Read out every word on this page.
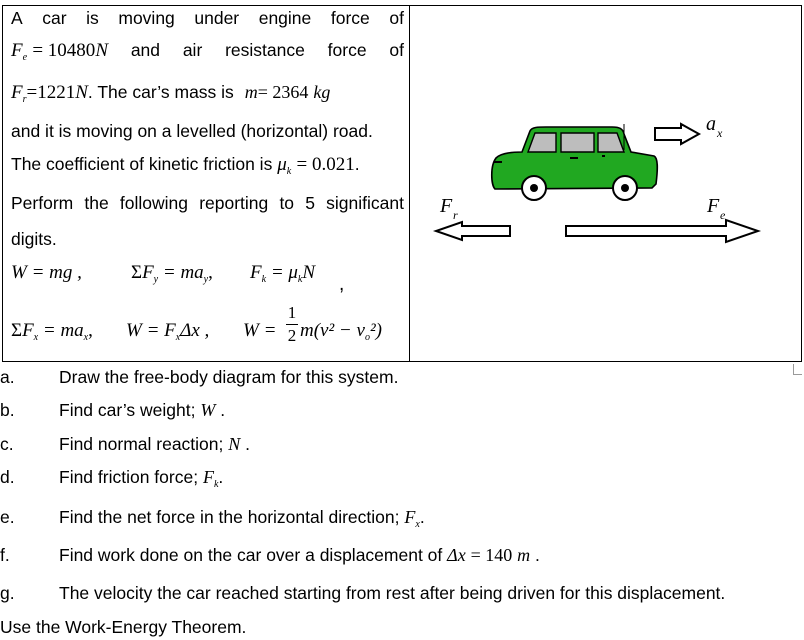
A car is moving under engine force of
$F_e = 10480N$ and air resistance force of
$F_r=1221N$. The car’s mass is m= 2364 kg
and it is moving on a levelled (horizontal) road.
The coefficient of kinetic friction is $\mu_k = 0.021$.
Perform the following reporting to 5 significant
digits.
W = mg ,	$\Sigma F_y = ma_y$, $F_k = \mu_kN$
,
$\Sigma F_x = ma_x$, $W = F_x\Delta x$ , W =
1
2 $m(v^2 - v_o^2)$

a x
F r	F e
a.	Draw the free-body diagram for this system.
b.	Find car’s weight; W .
c.	Find normal reaction; N .
d.	Find friction force; $F_k$.
e.	Find the net force in the horizontal direction; $F_x$.
f.	Find work done on the car over a displacement of Δx = 140 m .
g.	The velocity the car reached starting from rest after being driven for this displacement.
Use the Work-Energy Theorem.
